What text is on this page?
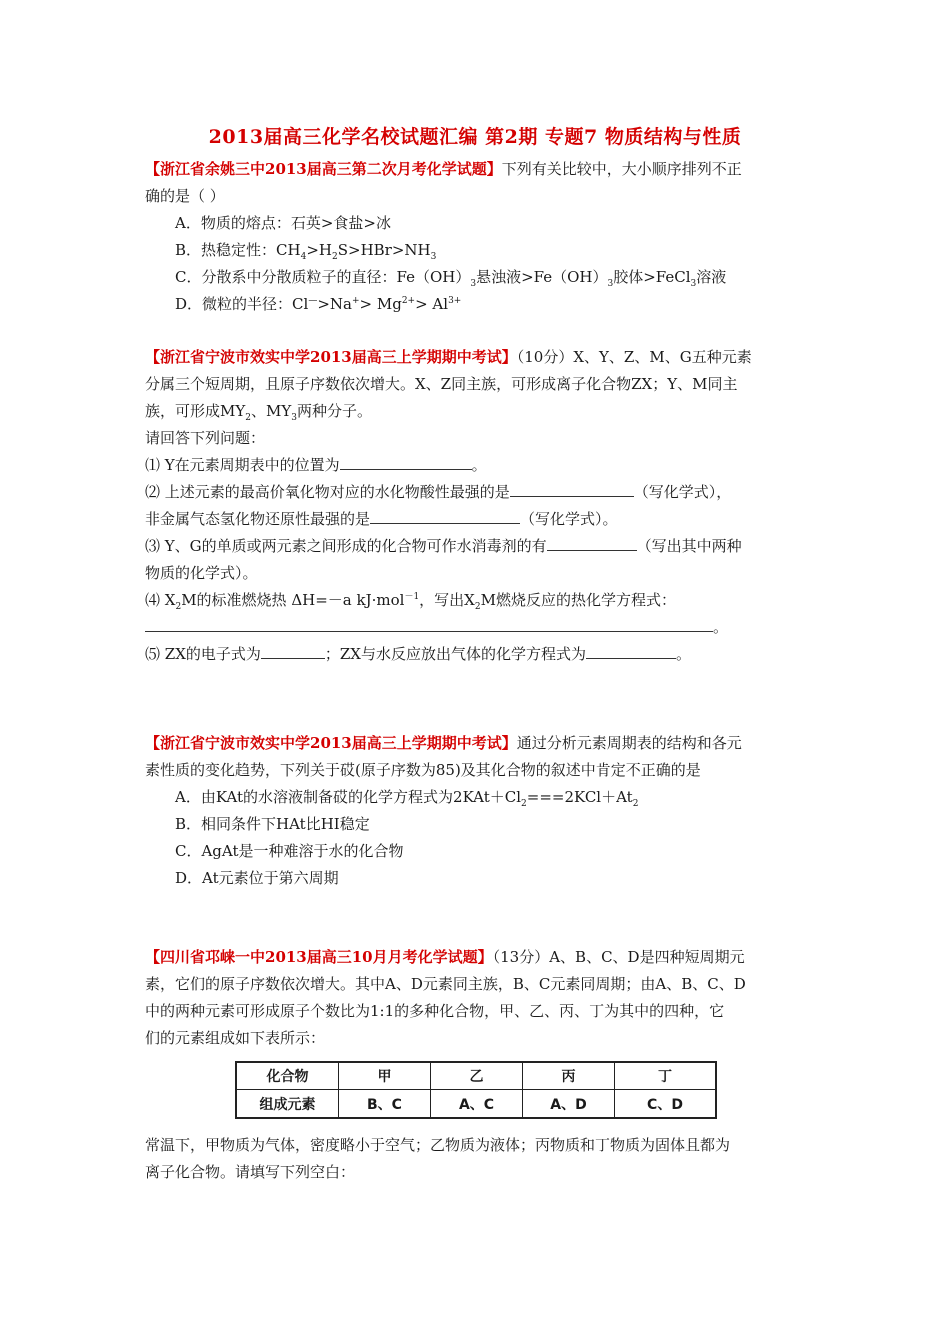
2013届高三化学名校试题汇编 第2期 专题7 物质结构与性质
【浙江省余姚三中2013届高三第二次月考化学试题】下列有关比较中，大小顺序排列不正
确的是（ ）
A．物质的熔点：石英>食盐>冰
B．热稳定性：$CH_4>H_2S>HBr>NH_3$
C．分散系中分散质粒子的直径：$Fe(OH)_3$悬浊液$>Fe(OH)_3$胶体>FeCl$_3$溶液
D．微粒的半径：$Cl^—>Na^+> Mg^{2+}> Al^{3+}$
【浙江省宁波市效实中学2013届高三上学期期中考试】（10分）X、Y、Z、M、G五种元素
分属三个短周期，且原子序数依次增大。X、Z同主族，可形成离子化合物ZX；Y、M同主
族，可形成$MY_2$、$MY_3$两种分子。
请回答下列问题：
⑴ Y在元素周期表中的位置为	。
⑵ 上述元素的最高价氧化物对应的水化物酸性最强的是	（写化学式），
非金属气态氢化物还原性最强的是	（写化学式）。
⑶ Y、G的单质或两元素之间形成的化合物可作水消毒剂的有	（写出其中两种
物质的化学式）。
⑷ $X_2M$的标准燃烧热 ΔH=－a kJ·mol$^{-1}$，写出$X_2M$燃烧反应的热化学方程式：
。
⑸ ZX的电子式为	；ZX与水反应放出气体的化学方程式为	。
【浙江省宁波市效实中学2013届高三上学期期中考试】通过分析元素周期表的结构和各元
素性质的变化趋势，下列关于砹(原子序数为85)及其化合物的叙述中肯定不正确的是
A．由KAt的水溶液制备砹的化学方程式为$2KAt+Cl_2===2KCl+At_2$
B．相同条件下HAt比HI稳定
C．AgAt是一种难溶于水的化合物
D．At元素位于第六周期
【四川省邛崃一中2013届高三10月月考化学试题】（13分）A、B、C、D是四种短周期元
素，它们的原子序数依次增大。其中A、D元素同主族，B、C元素同周期；由A、B、C、D
中的两种元素可形成原子个数比为1:1的多种化合物，甲、乙、丙、丁为其中的四种，它
们的元素组成如下表所示：
化合物	甲	乙	丙	丁
组成元素	B、C	A、C	A、D	C、D
常温下，甲物质为气体，密度略小于空气；乙物质为液体；丙物质和丁物质为固体且都为
离子化合物。请填写下列空白：
